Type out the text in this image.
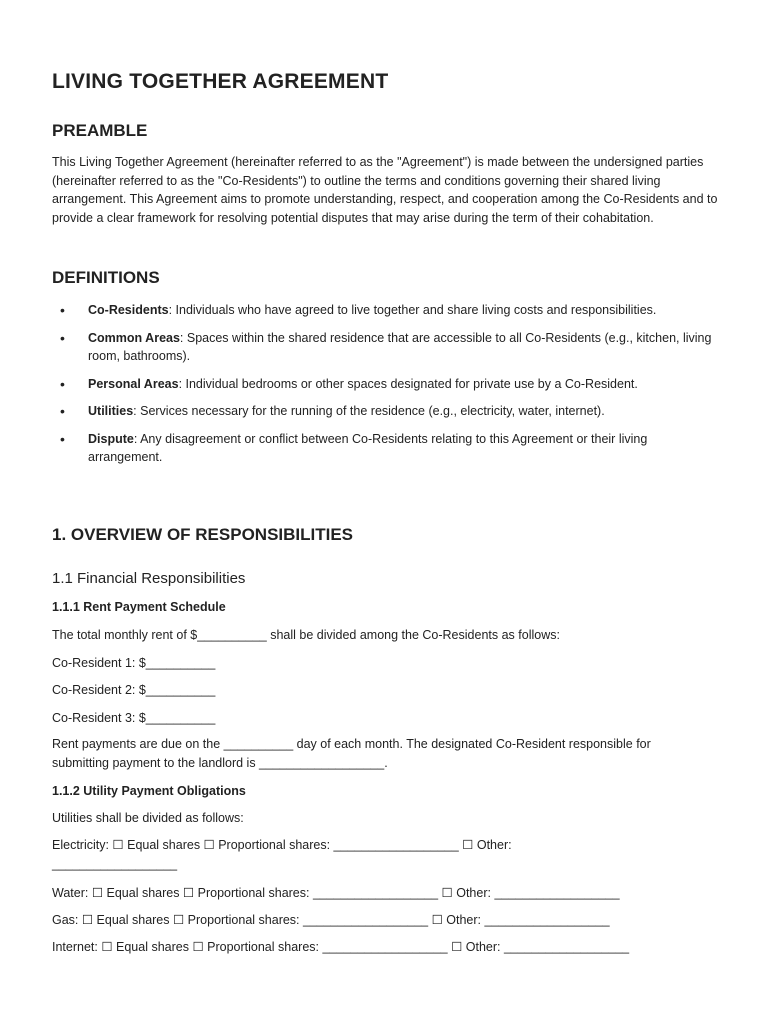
LIVING TOGETHER AGREEMENT
PREAMBLE

This Living Together Agreement (hereinafter referred to as the "Agreement") is made between the undersigned parties (hereinafter referred to as the "Co-Residents") to outline the terms and conditions governing their shared living arrangement. This Agreement aims to promote understanding, respect, and cooperation among the Co-Residents and to provide a clear framework for resolving potential disputes that may arise during the term of their cohabitation.

DEFINITIONS
• Co-Residents: Individuals who have agreed to live together and share living costs and responsibilities.
• Common Areas: Spaces within the shared residence that are accessible to all Co-Residents (e.g., kitchen, living room, bathrooms).
• Personal Areas: Individual bedrooms or other spaces designated for private use by a Co-Resident.
• Utilities: Services necessary for the running of the residence (e.g., electricity, water, internet).
• Dispute: Any disagreement or conflict between Co-Residents relating to this Agreement or their living arrangement.
1. OVERVIEW OF RESPONSIBILITIES
1.1 Financial Responsibilities
1.1.1 Rent Payment Schedule

The total monthly rent of $__________ shall be divided among the Co-Residents as follows:

Co-Resident 1: $__________

Co-Resident 2: $__________

Co-Resident 3: $__________

Rent payments are due on the __________ day of each month. The designated Co-Resident responsible for submitting payment to the landlord is __________________.

1.1.2 Utility Payment Obligations

Utilities shall be divided as follows:

Electricity: ☐ Equal shares ☐ Proportional shares: __________________ ☐ Other: __________________

Water: ☐ Equal shares ☐ Proportional shares: __________________ ☐ Other: __________________

Gas: ☐ Equal shares ☐ Proportional shares: __________________ ☐ Other: __________________

Internet: ☐ Equal shares ☐ Proportional shares: __________________ ☐ Other: __________________
